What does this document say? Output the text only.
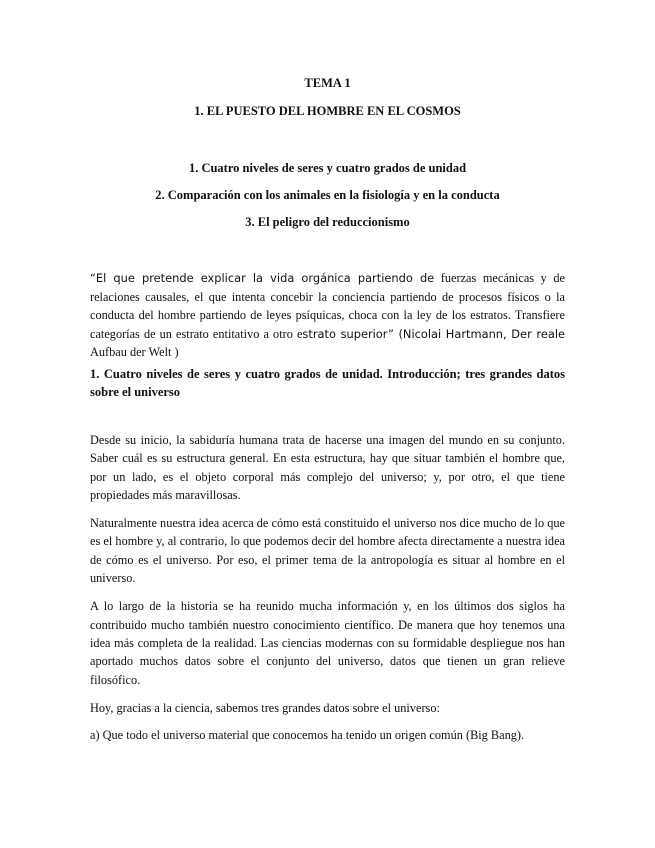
TEMA 1
1. EL PUESTO DEL HOMBRE EN EL COSMOS
1. Cuatro niveles de seres y cuatro grados de unidad
2. Comparación con los animales en la fisiología y en la conducta
3. El peligro del reduccionismo
“El que pretende explicar la vida orgánica partiendo de fuerzas mecánicas y de relaciones causales, el que intenta concebir la conciencia partiendo de procesos físicos o la conducta del hombre partiendo de leyes psíquicas, choca con la ley de los estratos. Transfiere categorías de un estrato entitativo a otro estrato superior” (Nicolai Hartmann, Der reale Aufbau der Welt )
1. Cuatro niveles de seres y cuatro grados de unidad. Introducción; tres grandes datos sobre el universo

Desde su inicio, la sabiduría humana trata de hacerse una imagen del mundo en su conjunto. Saber cuál es su estructura general. En esta estructura, hay que situar también el hombre que, por un lado, es el objeto corporal más complejo del universo; y, por otro, el que tiene propiedades más maravillosas.

Naturalmente nuestra idea acerca de cómo está constituido el universo nos dice mucho de lo que es el hombre y, al contrario, lo que podemos decir del hombre afecta directamente a nuestra idea de cómo es el universo. Por eso, el primer tema de la antropología es situar al hombre en el universo.

A lo largo de la historia se ha reunido mucha información y, en los últimos dos siglos ha contribuido mucho también nuestro conocimiento científico. De manera que hoy tenemos una idea más completa de la realidad. Las ciencias modernas con su formidable despliegue nos han aportado muchos datos sobre el conjunto del universo, datos que tienen un gran relieve filosófico.

Hoy, gracias a la ciencia, sabemos tres grandes datos sobre el universo:

a) Que todo el universo material que conocemos ha tenido un origen común (Big Bang).
